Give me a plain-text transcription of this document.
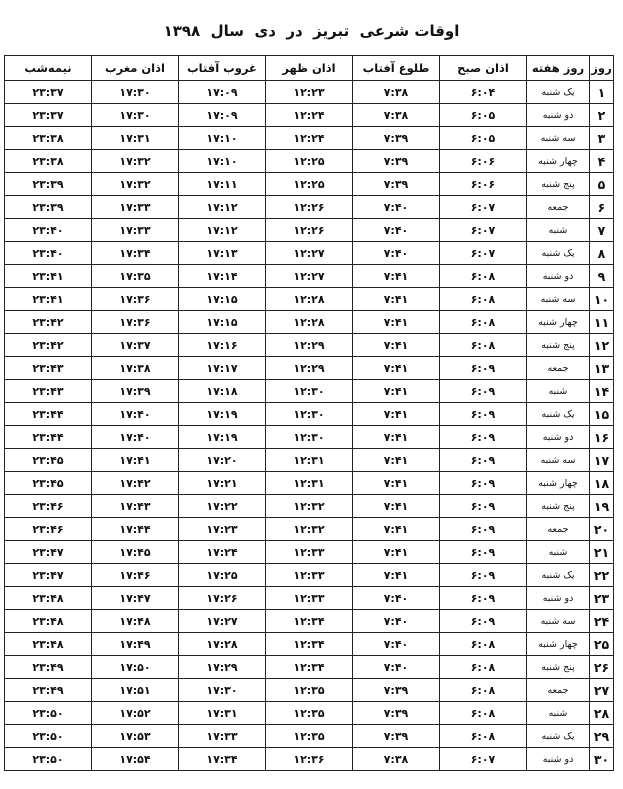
اوقات شرعی  تبریز  در  دی  سال  ۱۳۹۸
روز	روز هفته	اذان صبح	طلوع آفتاب	اذان ظهر	غروب آفتاب	اذان مغرب	نیمه‌شب
۱	یک شنبه	۶:۰۴	۷:۳۸	۱۲:۲۳	۱۷:۰۹	۱۷:۳۰	۲۳:۳۷
۲	دو شنبه	۶:۰۵	۷:۳۸	۱۲:۲۴	۱۷:۰۹	۱۷:۳۰	۲۳:۳۷
۳	سه شنبه	۶:۰۵	۷:۳۹	۱۲:۲۴	۱۷:۱۰	۱۷:۳۱	۲۳:۳۸
۴	چهار شنبه	۶:۰۶	۷:۳۹	۱۲:۲۵	۱۷:۱۰	۱۷:۳۲	۲۳:۳۸
۵	پنج شنبه	۶:۰۶	۷:۳۹	۱۲:۲۵	۱۷:۱۱	۱۷:۳۲	۲۳:۳۹
۶	جمعه	۶:۰۷	۷:۴۰	۱۲:۲۶	۱۷:۱۲	۱۷:۳۳	۲۳:۳۹
۷	شنبه	۶:۰۷	۷:۴۰	۱۲:۲۶	۱۷:۱۲	۱۷:۳۳	۲۳:۴۰
۸	یک شنبه	۶:۰۷	۷:۴۰	۱۲:۲۷	۱۷:۱۳	۱۷:۳۴	۲۳:۴۰
۹	دو شنبه	۶:۰۸	۷:۴۱	۱۲:۲۷	۱۷:۱۴	۱۷:۳۵	۲۳:۴۱
۱۰	سه شنبه	۶:۰۸	۷:۴۱	۱۲:۲۸	۱۷:۱۵	۱۷:۳۶	۲۳:۴۱
۱۱	چهار شنبه	۶:۰۸	۷:۴۱	۱۲:۲۸	۱۷:۱۵	۱۷:۳۶	۲۳:۴۲
۱۲	پنج شنبه	۶:۰۸	۷:۴۱	۱۲:۲۹	۱۷:۱۶	۱۷:۳۷	۲۳:۴۲
۱۳	جمعه	۶:۰۹	۷:۴۱	۱۲:۲۹	۱۷:۱۷	۱۷:۳۸	۲۳:۴۳
۱۴	شنبه	۶:۰۹	۷:۴۱	۱۲:۳۰	۱۷:۱۸	۱۷:۳۹	۲۳:۴۳
۱۵	یک شنبه	۶:۰۹	۷:۴۱	۱۲:۳۰	۱۷:۱۹	۱۷:۴۰	۲۳:۴۴
۱۶	دو شنبه	۶:۰۹	۷:۴۱	۱۲:۳۰	۱۷:۱۹	۱۷:۴۰	۲۳:۴۴
۱۷	سه شنبه	۶:۰۹	۷:۴۱	۱۲:۳۱	۱۷:۲۰	۱۷:۴۱	۲۳:۴۵
۱۸	چهار شنبه	۶:۰۹	۷:۴۱	۱۲:۳۱	۱۷:۲۱	۱۷:۴۲	۲۳:۴۵
۱۹	پنج شنبه	۶:۰۹	۷:۴۱	۱۲:۳۲	۱۷:۲۲	۱۷:۴۳	۲۳:۴۶
۲۰	جمعه	۶:۰۹	۷:۴۱	۱۲:۳۲	۱۷:۲۳	۱۷:۴۴	۲۳:۴۶
۲۱	شنبه	۶:۰۹	۷:۴۱	۱۲:۳۳	۱۷:۲۴	۱۷:۴۵	۲۳:۴۷
۲۲	یک شنبه	۶:۰۹	۷:۴۱	۱۲:۳۳	۱۷:۲۵	۱۷:۴۶	۲۳:۴۷
۲۳	دو شنبه	۶:۰۹	۷:۴۰	۱۲:۳۳	۱۷:۲۶	۱۷:۴۷	۲۳:۴۸
۲۴	سه شنبه	۶:۰۹	۷:۴۰	۱۲:۳۴	۱۷:۲۷	۱۷:۴۸	۲۳:۴۸
۲۵	چهار شنبه	۶:۰۸	۷:۴۰	۱۲:۳۴	۱۷:۲۸	۱۷:۴۹	۲۳:۴۸
۲۶	پنج شنبه	۶:۰۸	۷:۴۰	۱۲:۳۴	۱۷:۲۹	۱۷:۵۰	۲۳:۴۹
۲۷	جمعه	۶:۰۸	۷:۳۹	۱۲:۳۵	۱۷:۳۰	۱۷:۵۱	۲۳:۴۹
۲۸	شنبه	۶:۰۸	۷:۳۹	۱۲:۳۵	۱۷:۳۱	۱۷:۵۲	۲۳:۵۰
۲۹	یک شنبه	۶:۰۸	۷:۳۹	۱۲:۳۵	۱۷:۳۳	۱۷:۵۳	۲۳:۵۰
۳۰	دو شنبه	۶:۰۷	۷:۳۸	۱۲:۳۶	۱۷:۳۴	۱۷:۵۴	۲۳:۵۰
